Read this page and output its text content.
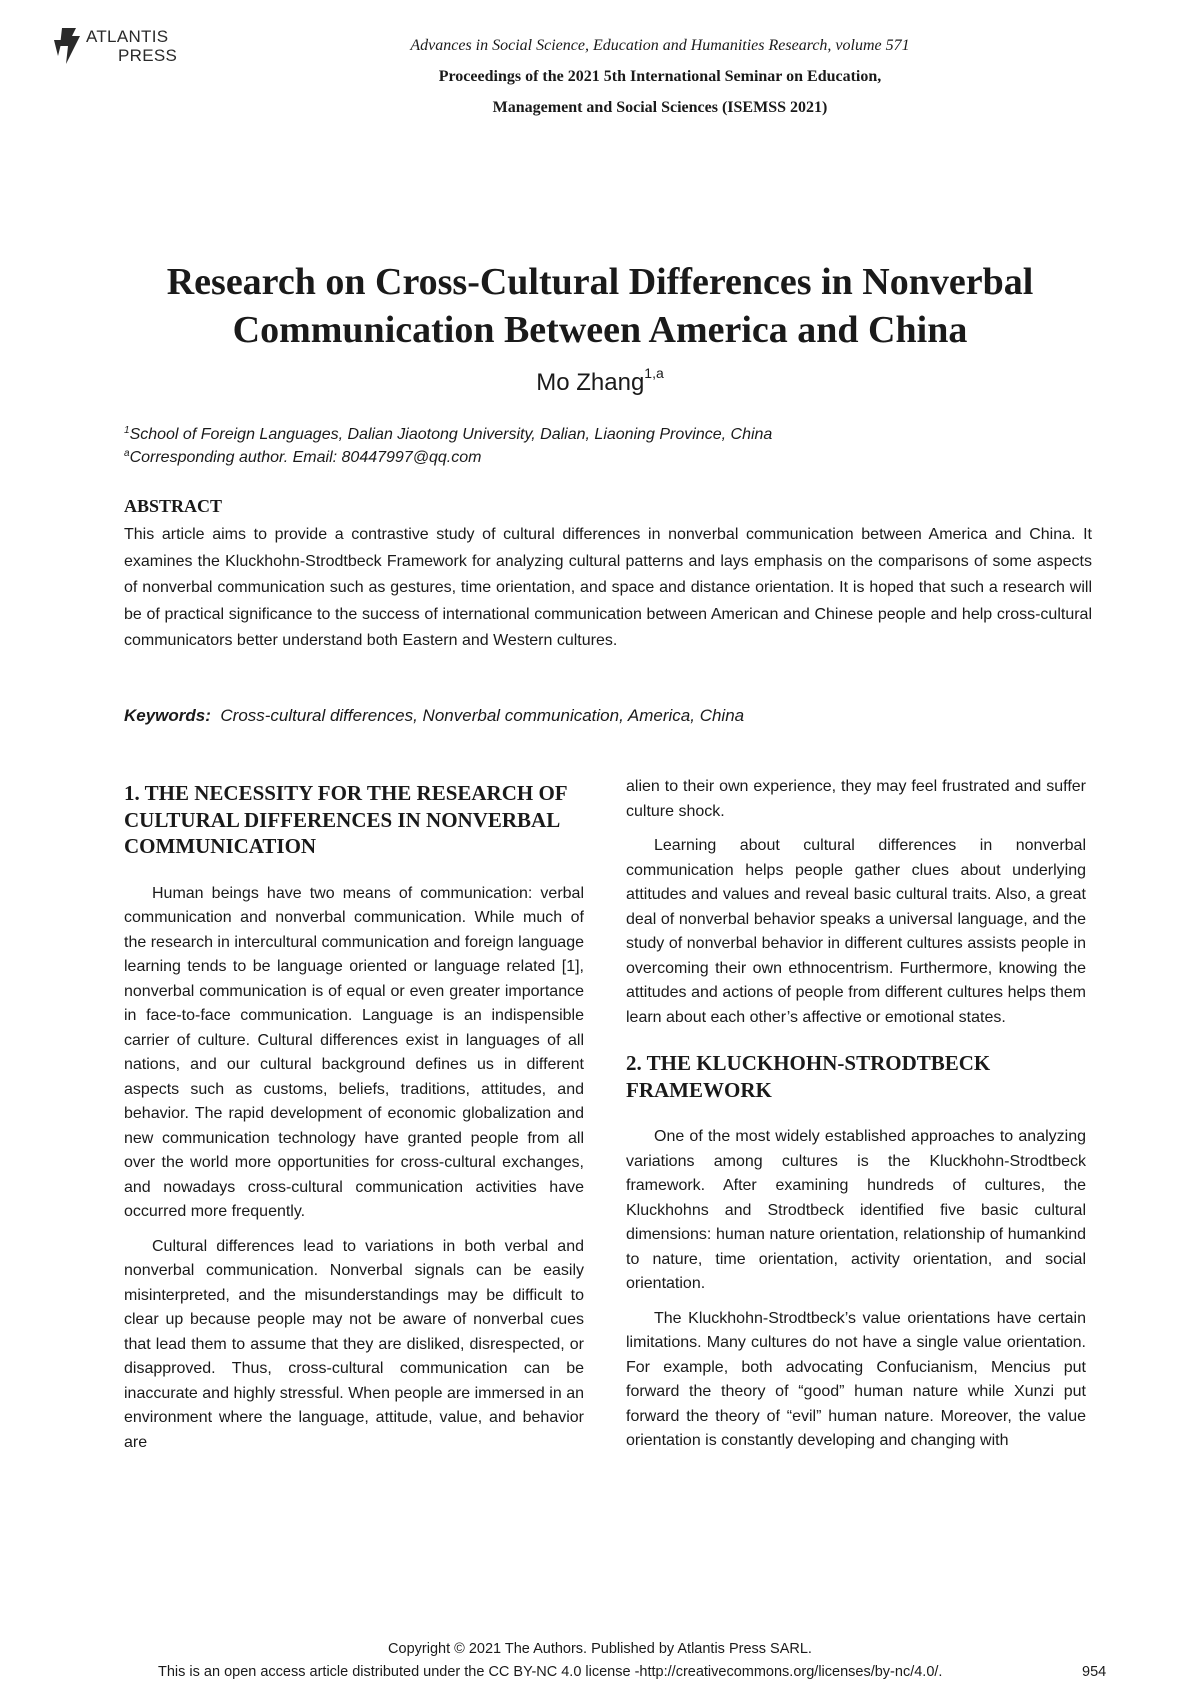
ATLANTIS
PRESS
Advances in Social Science, Education and Humanities Research, volume 571
Proceedings of the 2021 5th International Seminar on Education,
Management and Social Sciences (ISEMSS 2021)
Research on Cross-Cultural Differences in Nonverbal
Communication Between America and China
Mo Zhang$^{1,a}$
$^1$School of Foreign Languages, Dalian Jiaotong University, Dalian, Liaoning Province, China
$^a$Corresponding author. Email: 80447997@qq.com
ABSTRACT
This article aims to provide a contrastive study of cultural differences in nonverbal communication between America and China. It examines the Kluckhohn-Strodtbeck Framework for analyzing cultural patterns and lays emphasis on the comparisons of some aspects of nonverbal communication such as gestures, time orientation, and space and distance orientation. It is hoped that such a research will be of practical significance to the success of international communication between American and Chinese people and help cross-cultural communicators better understand both Eastern and Western cultures.
Keywords: Cross-cultural differences, Nonverbal communication, America, China
1. THE NECESSITY FOR THE RESEARCH OF CULTURAL DIFFERENCES IN NONVERBAL COMMUNICATION

Human beings have two means of communication: verbal communication and nonverbal communication. While much of the research in intercultural communication and foreign language learning tends to be language oriented or language related [1], nonverbal communication is of equal or even greater importance in face-to-face communication. Language is an indispensible carrier of culture. Cultural differences exist in languages of all nations, and our cultural background defines us in different aspects such as customs, beliefs, traditions, attitudes, and behavior. The rapid development of economic globalization and new communication technology have granted people from all over the world more opportunities for cross-cultural exchanges, and nowadays cross-cultural communication activities have occurred more frequently.

Cultural differences lead to variations in both verbal and nonverbal communication. Nonverbal signals can be easily misinterpreted, and the misunderstandings may be difficult to clear up because people may not be aware of nonverbal cues that lead them to assume that they are disliked, disrespected, or disapproved. Thus, cross-cultural communication can be inaccurate and highly stressful. When people are immersed in an environment where the language, attitude, value, and behavior are

alien to their own experience, they may feel frustrated and suffer culture shock.

Learning about cultural differences in nonverbal communication helps people gather clues about underlying attitudes and values and reveal basic cultural traits. Also, a great deal of nonverbal behavior speaks a universal language, and the study of nonverbal behavior in different cultures assists people in overcoming their own ethnocentrism. Furthermore, knowing the attitudes and actions of people from different cultures helps them learn about each other’s affective or emotional states.

2. THE KLUCKHOHN-STRODTBECK FRAMEWORK

One of the most widely established approaches to analyzing variations among cultures is the Kluckhohn-Strodtbeck framework. After examining hundreds of cultures, the Kluckhohns and Strodtbeck identified five basic cultural dimensions: human nature orientation, relationship of humankind to nature, time orientation, activity orientation, and social orientation.

The Kluckhohn-Strodtbeck’s value orientations have certain limitations. Many cultures do not have a single value orientation. For example, both advocating Confucianism, Mencius put forward the theory of “good” human nature while Xunzi put forward the theory of “evil” human nature. Moreover, the value orientation is constantly developing and changing with

Copyright © 2021 The Authors. Published by Atlantis Press SARL.
This is an open access article distributed under the CC BY-NC 4.0 license -http://creativecommons.org/licenses/by-nc/4.0/.	954
